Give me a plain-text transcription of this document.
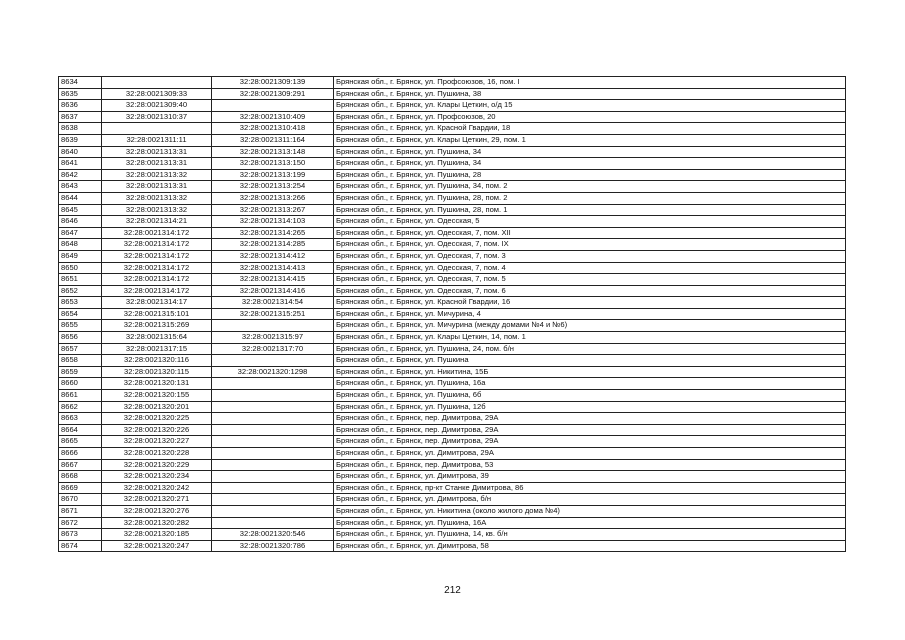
8634		32:28:0021309:139	Брянская обл., г. Брянск, ул. Профсоюзов, 16, пом. I
8635	32:28:0021309:33	32:28:0021309:291	Брянская обл., г. Брянск, ул. Пушкина, 38
8636	32:28:0021309:40		Брянская обл., г. Брянск, ул. Клары Цеткин, о/д 15
8637	32:28:0021310:37	32:28:0021310:409	Брянская обл., г. Брянск, ул. Профсоюзов, 20
8638		32:28:0021310:418	Брянская обл., г. Брянск, ул. Красной Гвардии, 18
8639	32:28:0021311:11	32:28:0021311:164	Брянская обл., г. Брянск, ул. Клары Цеткин, 29, пом. 1
8640	32:28:0021313:31	32:28:0021313:148	Брянская обл., г. Брянск, ул. Пушкина, 34
8641	32:28:0021313:31	32:28:0021313:150	Брянская обл., г. Брянск, ул. Пушкина, 34
8642	32:28:0021313:32	32:28:0021313:199	Брянская обл., г. Брянск, ул. Пушкина, 28
8643	32:28:0021313:31	32:28:0021313:254	Брянская обл., г. Брянск, ул. Пушкина, 34, пом. 2
8644	32:28:0021313:32	32:28:0021313:266	Брянская обл., г. Брянск, ул. Пушкина, 28, пом. 2
8645	32:28:0021313:32	32:28:0021313:267	Брянская обл., г. Брянск, ул. Пушкина, 28, пом. 1
8646	32:28:0021314:21	32:28:0021314:103	Брянская обл., г. Брянск, ул. Одесская, 5
8647	32:28:0021314:172	32:28:0021314:265	Брянская обл., г. Брянск, ул. Одесская, 7, пом. XII
8648	32:28:0021314:172	32:28:0021314:285	Брянская обл., г. Брянск, ул. Одесская, 7, пом. IX
8649	32:28:0021314:172	32:28:0021314:412	Брянская обл., г. Брянск, ул. Одесская, 7, пом. 3
8650	32:28:0021314:172	32:28:0021314:413	Брянская обл., г. Брянск, ул. Одесская, 7, пом. 4
8651	32:28:0021314:172	32:28:0021314:415	Брянская обл., г. Брянск, ул. Одесская, 7, пом. 5
8652	32:28:0021314:172	32:28:0021314:416	Брянская обл., г. Брянск, ул. Одесская, 7, пом. 6
8653	32:28:0021314:17	32:28:0021314:54	Брянская обл., г. Брянск, ул. Красной Гвардии, 16
8654	32:28:0021315:101	32:28:0021315:251	Брянская обл., г. Брянск, ул. Мичурина, 4
8655	32:28:0021315:269		Брянская обл., г. Брянск, ул. Мичурина (между домами №4 и №6)
8656	32:28:0021315:64	32:28:0021315:97	Брянская обл., г. Брянск, ул. Клары Цеткин, 14, пом. 1
8657	32:28:0021317:15	32:28:0021317:70	Брянская обл., г. Брянск, ул. Пушкина, 24, пом. б/н
8658	32:28:0021320:116		Брянская обл., г. Брянск, ул. Пушкина
8659	32:28:0021320:115	32:28:0021320:1298	Брянская обл., г. Брянск, ул. Никитина, 15Б
8660	32:28:0021320:131		Брянская обл., г. Брянск, ул. Пушкина, 16а
8661	32:28:0021320:155		Брянская обл., г. Брянск, ул. Пушкина, 6б
8662	32:28:0021320:201		Брянская обл., г. Брянск, ул. Пушкина, 12б
8663	32:28:0021320:225		Брянская обл., г. Брянск, пер. Димитрова, 29А
8664	32:28:0021320:226		Брянская обл., г. Брянск, пер. Димитрова, 29А
8665	32:28:0021320:227		Брянская обл., г. Брянск, пер. Димитрова, 29А
8666	32:28:0021320:228		Брянская обл., г. Брянск, ул. Димитрова, 29А
8667	32:28:0021320:229		Брянская обл., г. Брянск, пер. Димитрова, 53
8668	32:28:0021320:234		Брянская обл., г. Брянск, ул. Димитрова, 39
8669	32:28:0021320:242		Брянская обл., г. Брянск, пр-кт Станке Димитрова, 86
8670	32:28:0021320:271		Брянская обл., г. Брянск, ул. Димитрова, б/н
8671	32:28:0021320:276		Брянская обл., г. Брянск, ул. Никитина (около жилого дома №4)
8672	32:28:0021320:282		Брянская обл., г. Брянск, ул. Пушкина, 16А
8673	32:28:0021320:185	32:28:0021320:546	Брянская обл., г. Брянск, ул. Пушкина, 14, кв. б/н
8674	32:28:0021320:247	32:28:0021320:786	Брянская обл., г. Брянск, ул. Димитрова, 58
212
